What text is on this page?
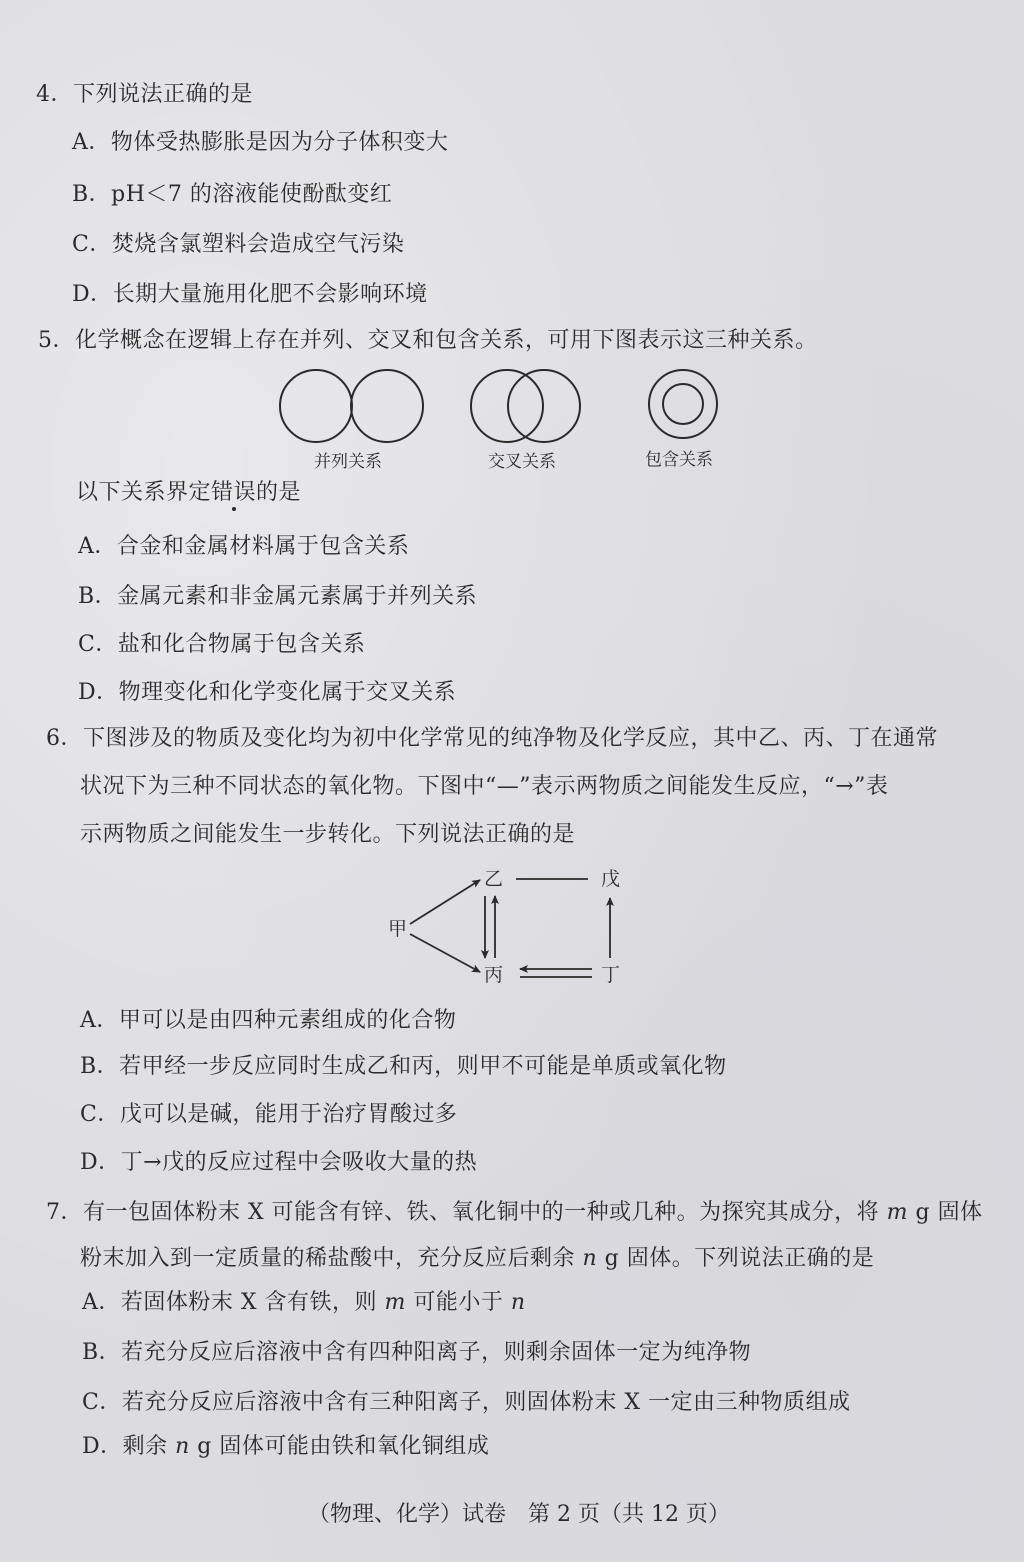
4．下列说法正确的是
A．物体受热膨胀是因为分子体积变大
B．pH＜7 的溶液能使酚酞变红
C．焚烧含氯塑料会造成空气污染
D．长期大量施用化肥不会影响环境
5．化学概念在逻辑上存在并列、交叉和包含关系，可用下图表示这三种关系。
并列关系	交叉关系	包含关系
以下关系界定错误的是
A．合金和金属材料属于包含关系
B．金属元素和非金属元素属于并列关系
C．盐和化合物属于包含关系
D．物理变化和化学变化属于交叉关系
6．下图涉及的物质及变化均为初中化学常见的纯净物及化学反应，其中乙、丙、丁在通常
状况下为三种不同状态的氧化物。下图中“—”表示两物质之间能发生反应，“→”表
示两物质之间能发生一步转化。下列说法正确的是
甲
乙
丙	丁
戊
A．甲可以是由四种元素组成的化合物
B．若甲经一步反应同时生成乙和丙，则甲不可能是单质或氧化物
C．戊可以是碱，能用于治疗胃酸过多
D．丁→戊的反应过程中会吸收大量的热
7．有一包固体粉末 X 可能含有锌、铁、氧化铜中的一种或几种。为探究其成分，将 m g 固体
粉末加入到一定质量的稀盐酸中，充分反应后剩余 n g 固体。下列说法正确的是
A．若固体粉末 X 含有铁，则 m 可能小于 n
B．若充分反应后溶液中含有四种阳离子，则剩余固体一定为纯净物
C．若充分反应后溶液中含有三种阳离子，则固体粉末 X 一定由三种物质组成
D．剩余 n g 固体可能由铁和氧化铜组成
（物理、化学）试卷　第 2 页（共 12 页）
